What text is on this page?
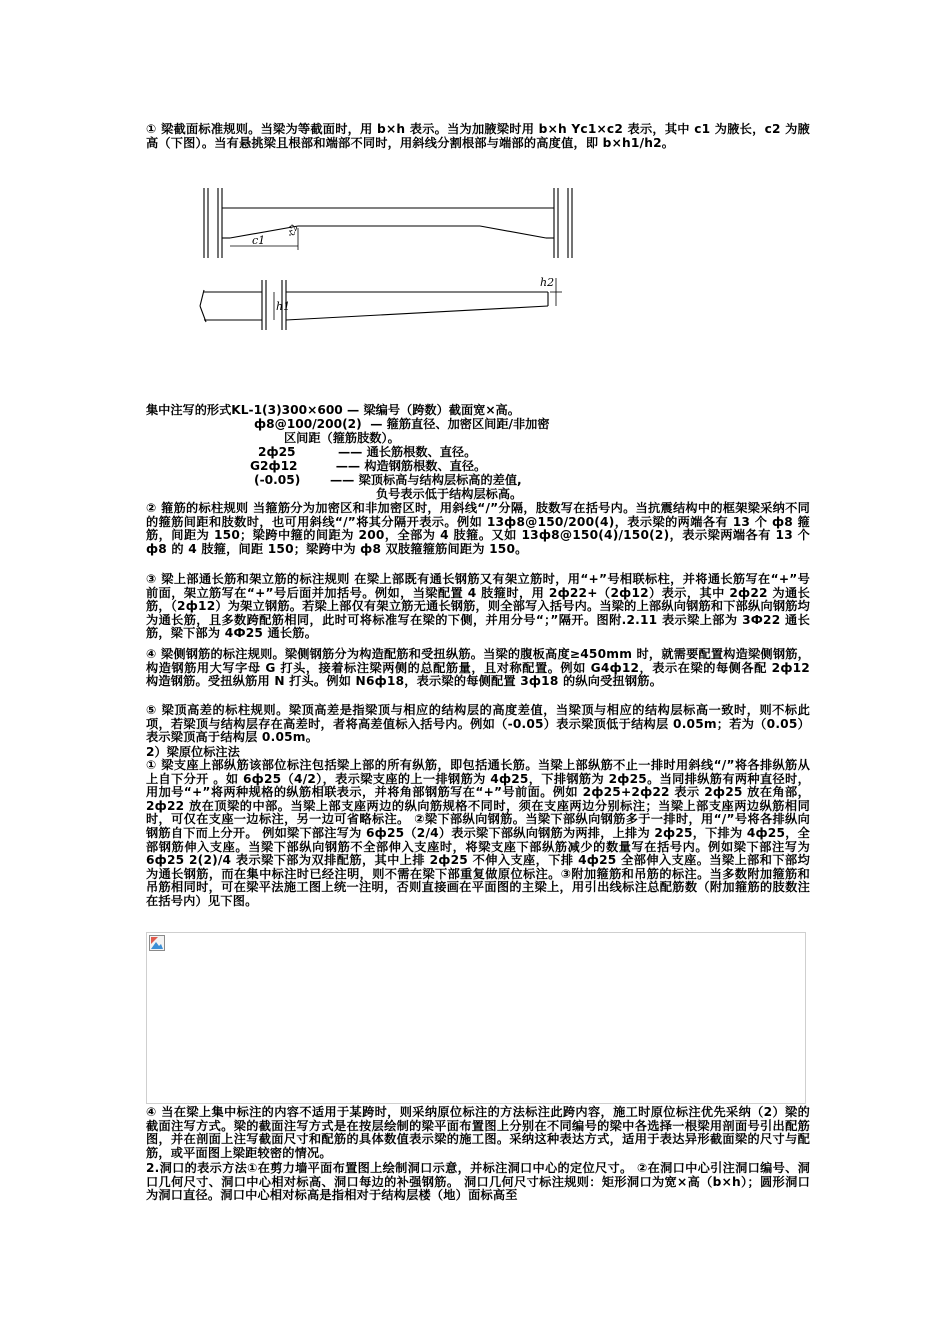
① 梁截面标准规则。当梁为等截面时，用 b×h 表示。当为加腋梁时用 b×h Yc1×c2 表示，其中 c1 为腋长，c2 为腋高（下图）。当有悬挑梁且根部和端部不同时，用斜线分割根部与端部的高度值，即 b×h1/h2。

c1
c2
h1
h2

集中注写的形式KL-1(3)300×600 — 梁编号（跨数）截面宽×高。

ф8@100/200(2)  — 箍筋直径、加密区间距/非加密

区间距（箍筋肢数）。

2ф25          —— 通长筋根数、直径。

G2ф12         —— 构造钢筋根数、直径。

(-0.05)       —— 梁顶标高与结构层标高的差值,

负号表示低于结构层标高。

② 箍筋的标柱规则 当箍筋分为加密区和非加密区时，用斜线“/”分隔，肢数写在括号内。当抗震结构中的框架梁采纳不同的箍筋间距和肢数时，也可用斜线“/”将其分隔开表示。例如 13ф8@150/200(4)，表示梁的两端各有 13 个 ф8 箍筋，间距为 150；梁跨中箍的间距为 200，全部为 4 肢箍。又如 13ф8@150(4)/150(2)，表示梁两端各有 13 个 ф8 的 4 肢箍，间距 150；梁跨中为 ф8 双肢箍箍筋间距为 150。

③ 梁上部通长筋和架立筋的标注规则 在梁上部既有通长钢筋又有架立筋时，用“+”号相联标柱，并将通长筋写在“+”号前面，架立筋写在“+”号后面并加括号。例如，当梁配置 4 肢箍时，用 2ф22+（2ф12）表示，其中 2ф22 为通长筋，（2ф12）为架立钢筋。若梁上部仅有架立筋无通长钢筋，则全部写入括号内。当梁的上部纵向钢筋和下部纵向钢筋均为通长筋，且多数跨配筋相同，此时可将标准写在梁的下侧，并用分号“；”隔开。图附.2.11 表示梁上部为 3Ф22 通长筋，梁下部为 4Ф25 通长筋。

④ 梁侧钢筋的标注规则。梁侧钢筋分为构造配筋和受扭纵筋。当梁的腹板高度≥450mm 时，就需要配置构造梁侧钢筋，构造钢筋用大写字母 G 打头，接着标注梁两侧的总配筋量，且对称配置。例如 G4ф12，表示在梁的每侧各配 2ф12 构造钢筋。受扭纵筋用 N 打头。例如 N6ф18，表示梁的每侧配置 3ф18 的纵向受扭钢筋。

⑤ 梁顶高差的标柱规则。梁顶高差是指梁顶与相应的结构层的高度差值，当梁顶与相应的结构层标高一致时，则不标此项，若梁顶与结构层存在高差时，者将高差值标入括号内。例如（-0.05）表示梁顶低于结构层 0.05m；若为（0.05）表示梁顶高于结构层 0.05m。

2）梁原位标注法

① 梁支座上部纵筋该部位标注包括梁上部的所有纵筋，即包括通长筋。当梁上部纵筋不止一排时用斜线“/”将各排纵筋从上自下分开 。如 6ф25（4/2），表示梁支座的上一排钢筋为 4ф25，下排钢筋为 2ф25。当同排纵筋有两种直径时，用加号“+”将两种规格的纵筋相联表示，并将角部钢筋写在“+”号前面。例如 2ф25+2ф22 表示 2ф25 放在角部，2ф22 放在顶梁的中部。当梁上部支座两边的纵向筋规格不同时，须在支座两边分别标注；当梁上部支座两边纵筋相同时，可仅在支座一边标注，另一边可省略标注。 ②梁下部纵向钢筋。当梁下部纵向钢筋多于一排时，用“/”号将各排纵向钢筋自下而上分开。 例如梁下部注写为 6ф25（2/4）表示梁下部纵向钢筋为两排，上排为 2ф25，下排为 4ф25，全部钢筋伸入支座。当梁下部纵向钢筋不全部伸入支座时，将梁支座下部纵筋减少的数量写在括号内。例如梁下部注写为 6ф25 2(2)/4 表示梁下部为双排配筋，其中上排 2ф25 不伸入支座，下排 4ф25 全部伸入支座。当梁上部和下部均为通长钢筋，而在集中标注时已经注明，则不需在梁下部重复做原位标注。③附加箍筋和吊筋的标注。当多数附加箍筋和吊筋相同时，可在梁平法施工图上统一注明，否则直接画在平面图的主梁上，用引出线标注总配筋数（附加箍筋的肢数注在括号内）见下图。

④ 当在梁上集中标注的内容不适用于某跨时，则采纳原位标注的方法标注此跨内容，施工时原位标注优先采纳（2）梁的截面注写方式。梁的截面注写方式是在按层绘制的梁平面布置图上分别在不同编号的梁中各选择一根梁用剖面号引出配筋图，并在剖面上注写截面尺寸和配筋的具体数值表示梁的施工图。采纳这种表达方式，适用于表达异形截面梁的尺寸与配筋，或平面图上梁距较密的情况。

2.洞口的表示方法①在剪力墙平面布置图上绘制洞口示意，并标注洞口中心的定位尺寸。 ②在洞口中心引注洞口编号、洞口几何尺寸、洞口中心相对标高、洞口每边的补强钢筋。 洞口几何尺寸标注规则：矩形洞口为宽×高（b×h）；圆形洞口为洞口直径。洞口中心相对标高是指相对于结构层楼（地）面标高至
